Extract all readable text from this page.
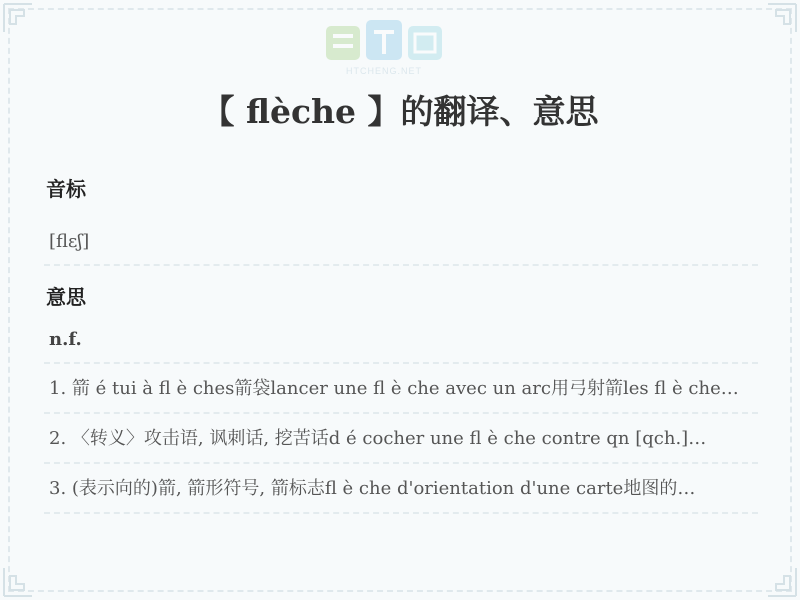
HTCHENG.NET
【 flèche 】的翻译、意思
音标
[flɛʃ]
意思
n.f.
1. 箭 é tui à fl è ches箭袋lancer une fl è che avec un arc用弓射箭les fl è che…
2. 〈转义〉攻击语, 讽刺话, 挖苦话d é cocher une fl è che contre qn [qch.]…
3. (表示向的)箭, 箭形符号, 箭标志fl è che d'orientation d'une carte地图的…
